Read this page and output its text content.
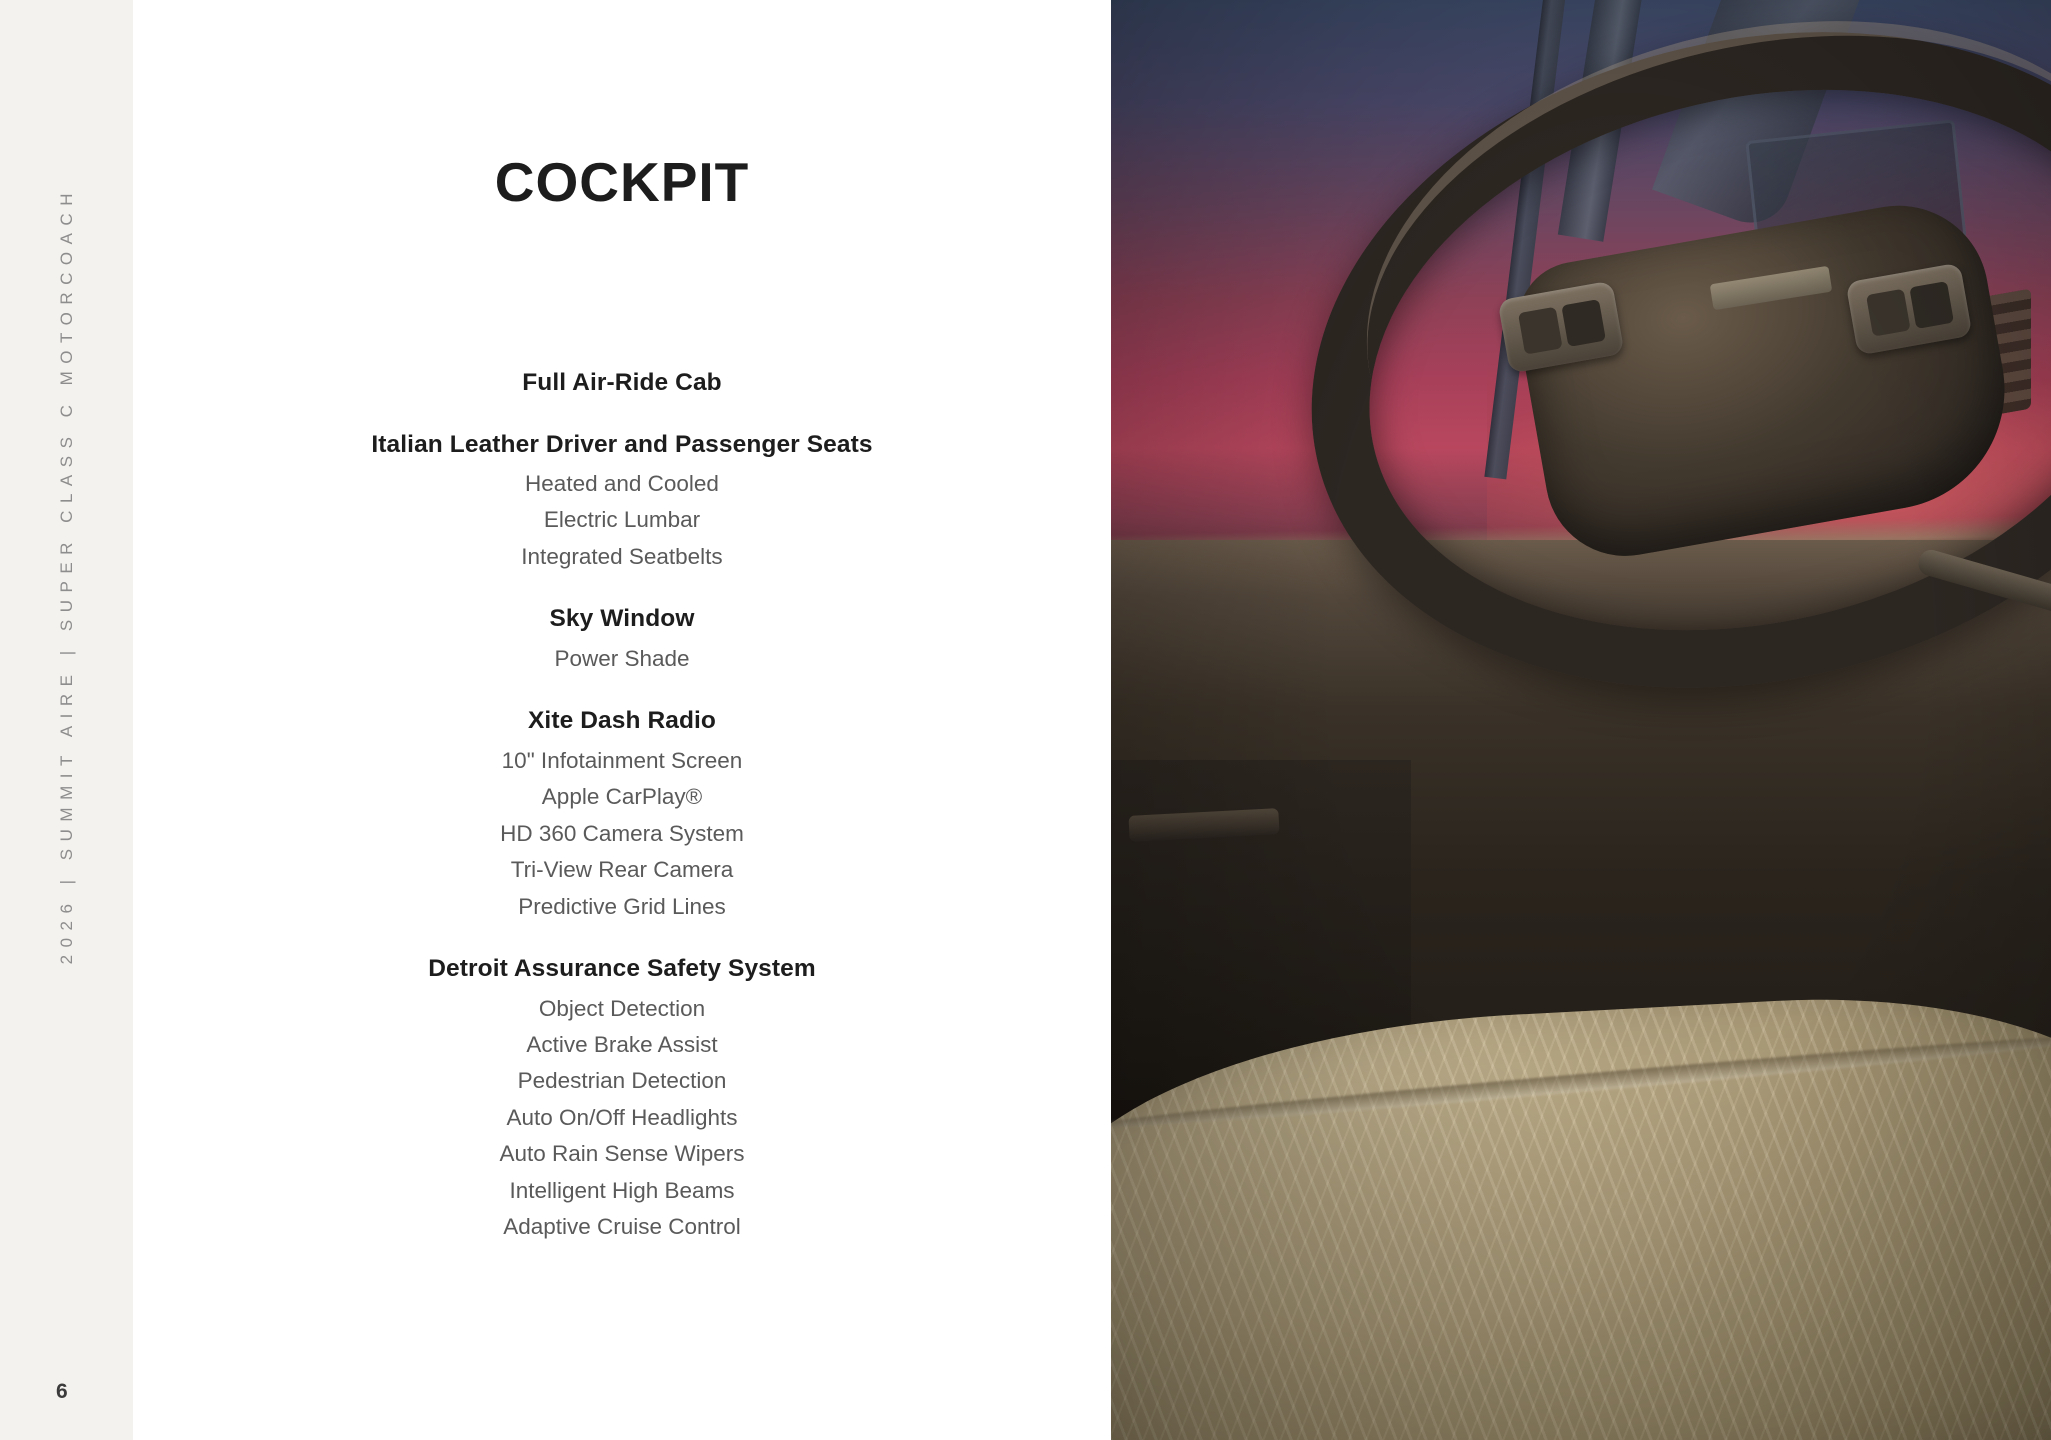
2026 | SUMMIT AIRE | SUPER CLASS C MOTORCOACH
6
COCKPIT
Full Air-Ride Cab
Italian Leather Driver and Passenger Seats
Heated and Cooled
Electric Lumbar
Integrated Seatbelts
Sky Window
Power Shade
Xite Dash Radio
10" Infotainment Screen
Apple CarPlay®
HD 360 Camera System
Tri-View Rear Camera
Predictive Grid Lines
Detroit Assurance Safety System
Object Detection
Active Brake Assist
Pedestrian Detection
Auto On/Off Headlights
Auto Rain Sense Wipers
Intelligent High Beams
Adaptive Cruise Control
